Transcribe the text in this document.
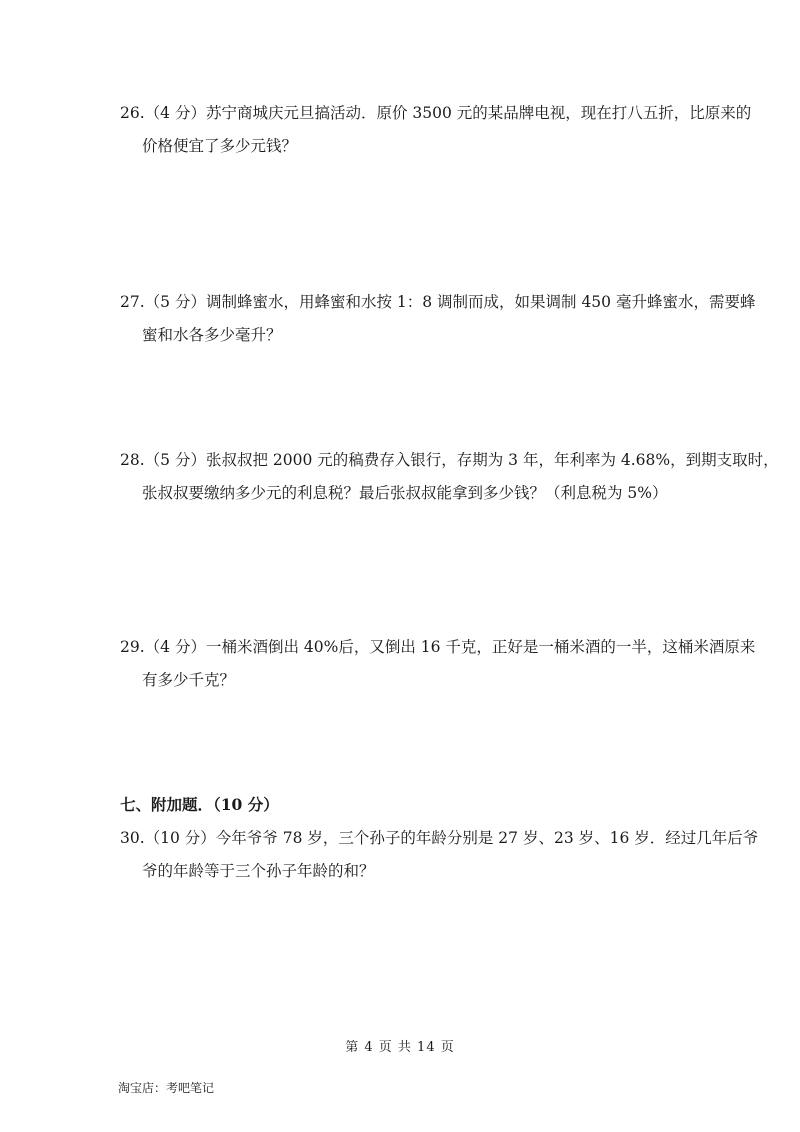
26.（4 分）苏宁商城庆元旦搞活动．原价 3500 元的某品牌电视，现在打八五折，比原来的
价格便宜了多少元钱？
27.（5 分）调制蜂蜜水，用蜂蜜和水按 1：8 调制而成，如果调制 450 毫升蜂蜜水，需要蜂
蜜和水各多少毫升？
28.（5 分）张叔叔把 2000 元的稿费存入银行，存期为 3 年，年利率为 4.68%，到期支取时，
张叔叔要缴纳多少元的利息税？最后张叔叔能拿到多少钱？（利息税为 5%）
29.（4 分）一桶米酒倒出 40%后，又倒出 16 千克，正好是一桶米酒的一半，这桶米酒原来
有多少千克？
七、附加题．（10 分）
30.（10 分）今年爷爷 78 岁，三个孙子的年龄分别是 27 岁、23 岁、16 岁．经过几年后爷
爷的年龄等于三个孙子年龄的和？
第 4 页 共 14 页
淘宝店：考吧笔记
